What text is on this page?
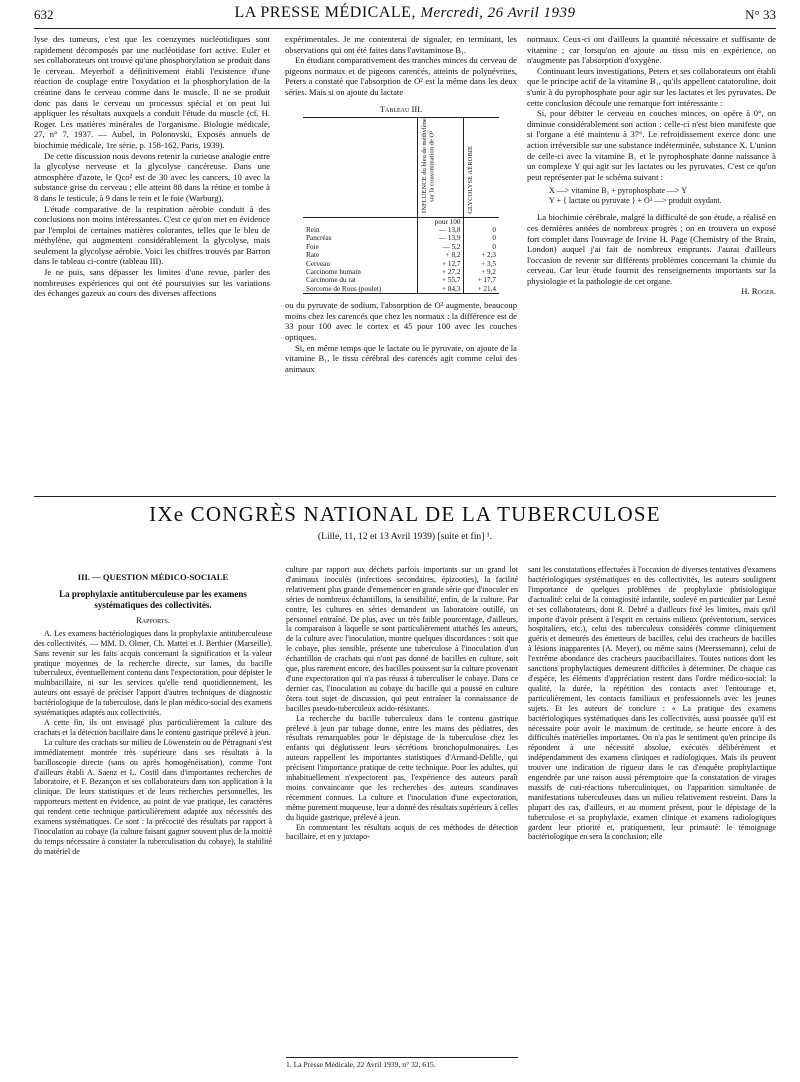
632	LA PRESSE MÉDICALE, Mercredi, 26 Avril 1939	N° 33

lyse des tumeurs, c'est que les coenzymes nucléotidiques sont rapidement décomposés par une nucléotidase fort active. Euler et ses collaborateurs ont trouvé qu'une phosphorylation se produit dans le cerveau. Meyerhof a définitivement établi l'existence d'une réaction de couplage entre l'oxydation et la phosphorylation de la créatine dans le cerveau comme dans le muscle. Il ne se produit donc pas dans le cerveau un processus spécial et on peut lui appliquer les résultats auxquels a conduit l'étude du muscle (cf. H. Roger. Les matières minérales de l'organisme. Biologie médicale, 27, n° 7, 1937. — Aubel, in Polonovski, Exposés annuels de biochimie médicale, 1re série, p. 158-162, Paris, 1939).

De cette discussion nous devons retenir la curieuse analogie entre la glycolyse nerveuse et la glycolyse cancéreuse. Dans une atmosphère d'azote, le Qco² est de 30 avec les cancers, 10 avec la substance grise du cerveau ; elle atteint 88 dans la rétine et tombe à 8 dans le testicule, à 9 dans le rein et le foie (Warburg).

L'étude comparative de la respiration aérobie conduit à des conclusions non moins intéressantes. C'est ce qu'on met en évidence par l'emploi de certaines matières colorantes, telles que le bleu de méthylène, qui augmentent considérablement la glycolyse, mais seulement la glycolyse aérobie. Voici les chiffres trouvés par Barron dans le tableau ci-contre (tableau III).

Je ne puis, sans dépasser les limites d'une revue, parler des nombreuses expériences qui ont été poursuivies sur les variations des échanges gazeux au cours des diverses affections

expérimentales. Je me contenterai de signaler, en terminant, les observations qui ont été faites dans l'avitaminose B₁.

En étudiant comparativement des tranches minces du cerveau de pigeons normaux et de pigeons carencés, atteints de polynévrites, Peters a constaté que l'absorption de O² est la même dans les deux séries. Mais si on ajoute du lactate

Tableau III.
	INFLUENCE du bleu de méthylène sur la consommation de O²	GLYCOLYSE AÉROBIE
	pour 100	
Rein	— 13,8	0
Pancréas	— 13,9	0
Foie	— 5,2	0
Rate	+ 8,2	+ 2,3
Cerveau	+ 12,7	+ 3,5
Carcinome humain	+ 27,2	+ 9,2
Carcinome du rat	+ 55,7	+ 17,7
Sorcome de Rous (poulet)	+ 84,3	+ 21,4

ou du pyruvate de sodium, l'absorption de O² augmente, beaucoup moins chez les carencés que chez les normaux : la différence est de 33 pour 100 avec le cortex et 45 pour 100 avec les couches optiques.

Si, en même temps que le lactate ou le pyruvate, on ajoute de la vitamine B₁, le tissu cérébral des carencés agit comme celui des animaux

normaux. Ceux-ci ont d'ailleurs la quantité nécessaire et suffisante de vitamine ; car lorsqu'on en ajoute au tissu mis en expérience, on n'augmente pas l'absorption d'oxygène.

Continuant leurs investigations, Peters et ses collaborateurs ont établi que le principe actif de la vitamine B₁, qu'ils appellent catatoruline, doit s'unir à du pyrophosphate pour agir sur les lactates et les pyruvates. De cette conclusion découle une remarque fort intéressante :

Si, pour débiter le cerveau en couches minces, on opère à 0°, on diminue considérablement son action : celle-ci n'est bien manifeste que si l'organe a été maintenu à 37°. Le refroidissement exerce donc une action irréversible sur une substance indéterminée, substance X. L'union de celle-ci avec la vitamine B₁ et le pyrophosphate donne naissance à un complexe Y qui agit sur les lactates ou les pyruvates. C'est ce qu'on peut représenter par le schéma suivant :

X —> vitamine B₁ + pyrophosphate —> Y
Y + { lactate ou pyruvate } + O² —> produit oxydant.

La biochimie cérébrale, malgré la difficulté de son étude, a réalisé en ces dernières années de nombreux progrès ; on en trouvera un exposé fort complet dans l'ouvrage de Irvine H. Page (Chemistry of the Brain, London) auquel j'ai fait de nombreux emprunts. J'aurai d'ailleurs l'occasion de revenir sur différents problèmes concernant la chimie du cerveau. Car leur étude fournit des renseignements importants sur la physiologie et la pathologie de cet organe.

H. Roger.
IXe CONGRÈS NATIONAL DE LA TUBERCULOSE
(Lille, 11, 12 et 13 Avril 1939) [suite et fin] ¹.
III. — QUESTION MÉDICO-SOCIALE
La prophylaxie antituberculeuse par les examens systématiques des collectivités.
Rapports.

A. Les examens bactériologiques dans la prophylaxie antituberculeuse des collectivités. — MM. D. Olmer, Ch. Mattei et J. Berthier (Marseille). Sans revenir sur les faits acquis concernant la signification et la valeur pratique moyennes de la recherche directe, sur lames, du bacille tuberculeux, éventuellement contenu dans l'expectoration, pour dépister le multibacillaire, ni sur les services qu'elle rend quotidiennement, les auteurs ont essayé de préciser l'apport d'autres techniques de diagnostic bactériologique de la tuberculose, dans le plan médico-social des examens systématiques adaptés aux collectivités.

A cette fin, ils ont envisagé plus particulièrement la culture des crachats et la détection bacillaire dans le contenu gastrique prélevé à jeun.

La culture des crachats sur milieu de Löwenstein ou de Pétragnani s'est immédiatement montrée très supérieure dans ses résultats à la bacilloscopie directe (sans ou après homogénéisation), comme l'ont d'ailleurs établi A. Saenz et L. Costil dans d'importantes recherches de laboratoire, et F. Bezançon et ses collaborateurs dans son application à la clinique. De leurs statistiques et de leurs recherches personnelles, les rapporteurs mettent en évidence, au point de vue pratique, les caractères qui rendent cette technique particulièrement adaptée aux nécessités des examens systématiques. Ce sont : la précocité des résultats par rapport à l'inoculation au cobaye (la culture faisant gagner souvent plus de la moitié du temps nécessaire à constater la tuberculisation du cobaye), la stabilité du matériel de

culture par rapport aux déchets parfois importants sur un grand lot d'animaux inoculés (infections secondaires, épizooties), la facilité relativement plus grande d'ensemencer en grande série que d'inoculer en séries de nombreux échantillons, la sensibilité, enfin, de la culture. Par contre, les cultures en séries demandent un laboratoire outillé, un personnel entraîné. De plus, avec un très faible pourcentage, d'ailleurs, la comparaison à laquelle se sont particulièrement attachés les auteurs, de la culture avec l'inoculation, montre quelques discordances : soit que le cobaye, plus sensible, présente une tuberculose à l'inoculation d'un échantillon de crachats qui n'ont pas donné de bacilles en culture, soit que, plus rarement encore, des bacilles poussent sur la culture provenant d'une expectoration qui n'a pas réussi à tuberculiser le cobaye. Dans ce dernier cas, l'inoculation au cobaye du bacille qui a poussé en culture ôtera tout sujet de discussion, qui peut entraîner la connaissance de bacilles pseudo-tuberculeux acido-résistants.

La recherche du bacille tuberculeux dans le contenu gastrique prélevé à jeun par tubage donne, entre les mains des pédiatres, des résultats remarquables pour le dépistage de la tuberculose chez les enfants qui déglutissent leurs sécrétions bronchopulmonaires. Les auteurs rappellent les importantes statistiques d'Armand-Delille, qui précisent l'importance pratique de cette technique. Pour les adultes, qui inhabituellement n'expectorent pas, l'expérience des auteurs paraît moins convaincante que les recherches des auteurs scandinaves récemment connues. La culture et l'inoculation d'une expectoration, même purement muqueuse, leur a donné des résultats supérieurs à celles du liquide gastrique, prélevé à jeun.

En commentant les résultats acquis de ces méthodes de détection bacillaire, et en y juxtapo-

sant les constatations effectuées à l'occasion de diverses tentatives d'examens bactériologiques systématiques en des collectivités, les auteurs soulignent l'importance de quelques problèmes de prophylaxie phtisiologique d'actualité: celui de la contagiosité infantile, soulevé en particulier par Lesné et ses collaborateurs, dont R. Debré a d'ailleurs fixé les limites, mais qu'il importe d'avoir présent à l'esprit en certains milieux (préventorium, services hospitaliers, etc.), celui des tuberculeux considérés comme cliniquement guéris et demeurés des émetteurs de bacilles, celui des cracheurs de bacilles à lésions inapparentes (A. Meyer), ou même sains (Meerssemann), celui de l'extrême abondance des cracheurs paucibacillaires. Toutes notions dont les sanctions prophylactiques demeurent difficiles à déterminer. De chaque cas d'espèce, les éléments d'appréciation restent dans l'ordre médico-social: la qualité, la durée, la répétition des contacts avec l'entourage et, particulièrement, les contacts familiaux et professionnels avec les jeunes sujets. Et les auteurs de conclure : « La pratique des examens bactériologiques systématiques dans les collectivités, aussi poussée qu'il est nécessaire pour avoir le maximum de certitude, se heurte encore à des difficultés matérielles importantes. On n'a pas le sentiment qu'en principe ils répondent à une nécessité absolue, exécutés délibérément et indépendamment des examens cliniques et radiologiques. Mais ils peuvent trouver une indication de rigueur dans le cas d'enquête prophylactique engendrée par une raison aussi péremptoire que la constatation de virages massifs de cuti-réactions tuberculiniques, ou l'apparition simultanée de manifestations tuberculeuses dans un milieu relativement restreint. Dans la plupart des cas, d'ailleurs, et au moment présent, pour le dépistage de la tuberculose et sa prophylaxie, examen clinique et examens radiologiques gardent leur priorité et, pratiquement, leur primauté: le témoignage bactériologique en sera la conclusion; elle

1. La Presse Médicale, 22 Avril 1939, n° 32, 615.
